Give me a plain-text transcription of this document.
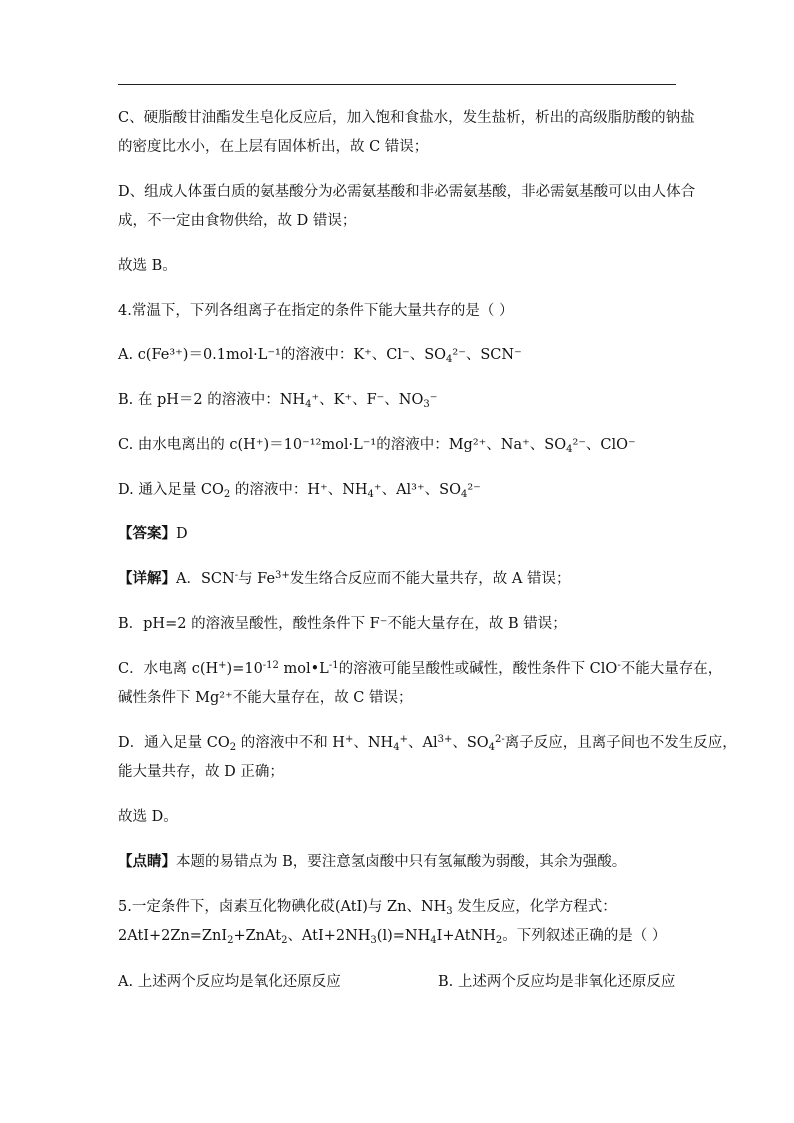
C、硬脂酸甘油酯发生皂化反应后，加入饱和食盐水，发生盐析，析出的高级脂肪酸的钠盐
的密度比水小，在上层有固体析出，故 C 错误；
D、组成人体蛋白质的氨基酸分为必需氨基酸和非必需氨基酸，非必需氨基酸可以由人体合
成，不一定由食物供给，故 D 错误；
故选 B。
4.常温下，下列各组离子在指定的条件下能大量共存的是（ ）
A. c(Fe³⁺)＝0.1mol·L⁻¹的溶液中：K⁺、Cl⁻、$SO_4^{2-}$、SCN⁻
B. 在 pH＝2 的溶液中：$NH_4^+$、K⁺、F⁻、$NO_3^-$
C. 由水电离出的 c(H⁺)＝10⁻¹²mol·L⁻¹的溶液中：Mg²⁺、Na⁺、$SO_4^{2-}$、ClO⁻
D. 通入足量 $CO_2$ 的溶液中：H⁺、$NH_4^+$、Al³⁺、$SO_4^{2-}$
【答案】D
【详解】A．SCN-与 $Fe^{3+}$发生络合反应而不能大量共存，故 A 错误；
B．pH=2 的溶液呈酸性，酸性条件下 F⁻不能大量存在，故 B 错误；
C．水电离 $c(H^+)=10^{-12}$ $mol•L^{-1}$的溶液可能呈酸性或碱性，酸性条件下 ClO-不能大量存在，
碱性条件下 Mg²⁺不能大量存在，故 C 错误；
D．通入足量 $CO_2$ 的溶液中不和 H+、$NH_4^+$、$Al^{3+}$、$SO_4^{2-}$离子反应，且离子间也不发生反应，
能大量共存，故 D 正确；
故选 D。
【点睛】本题的易错点为 B，要注意氢卤酸中只有氢氟酸为弱酸，其余为强酸。
5.一定条件下，卤素互化物碘化砹(AtI)与 Zn、$NH_3$ 发生反应，化学方程式：
2AtI+2Zn=ZnI$_2$+ZnAt$_2$、$AtI+2NH_3(l)=NH_4I+AtNH_2$。下列叙述正确的是（ ）
A. 上述两个反应均是氧化还原反应	B. 上述两个反应均是非氧化还原反应
